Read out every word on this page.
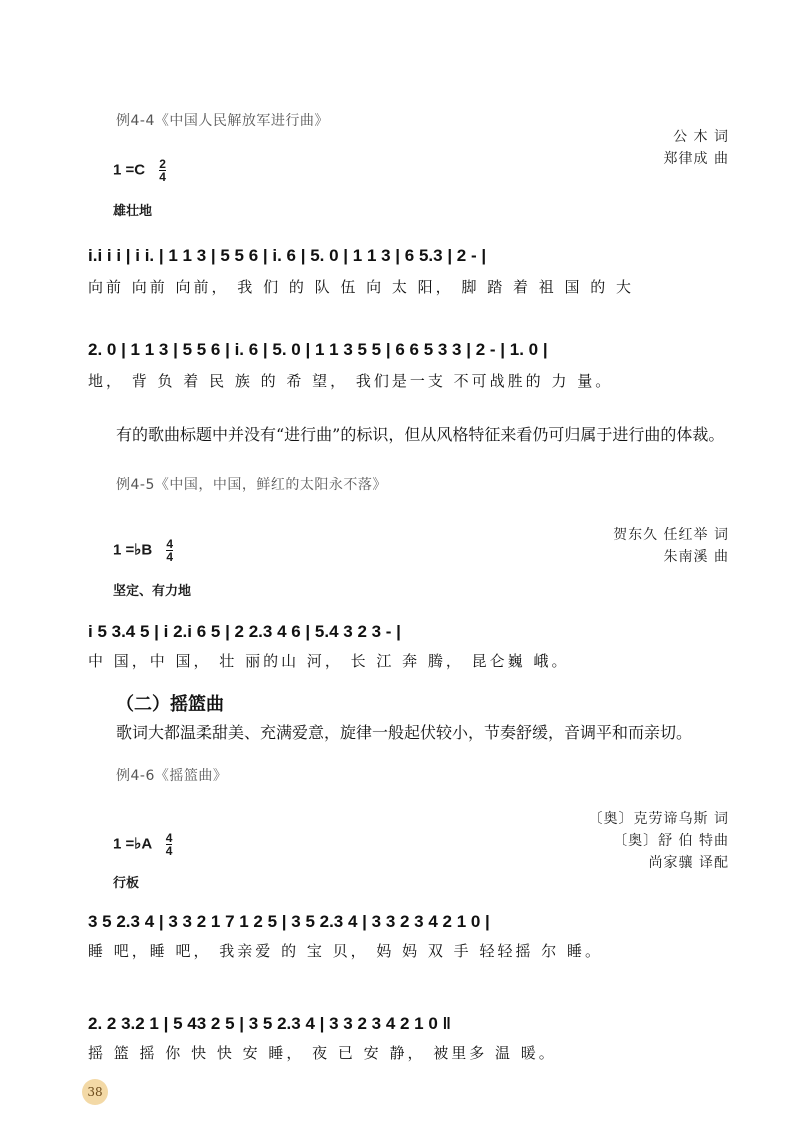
例4-4《中国人民解放军进行曲》
公 木 词
郑律成 曲
$1 =C \frac{2}{4}$
雄壮地
i.i i i | i i. | 1 1 3 | 5 5 6 | i. 6 | 5. 0 | 1 1 3 | 6 5.3 | 2 - |
向前 向前 向前， 我 们 的 队 伍 向 太 阳， 脚 踏 着 祖 国 的 大
2. 0 | 1 1 3 | 5 5 6 | i. 6 | 5. 0 | 1 1 3 5 5 | 6 6 5 3 3 | 2 - | 1. 0 |
地， 背 负 着 民 族 的 希 望， 我们是一支 不可战胜的 力 量。
有的歌曲标题中并没有“进行曲”的标识，但从风格特征来看仍可归属于进行曲的体裁。
例4-5《中国，中国，鲜红的太阳永不落》
贺东久 任红举 词
朱南溪 曲
1 =♭B $\frac{4}{4}$
坚定、有力地
i 5 3.4 5 | i 2.i 6 5 | 2 2.3 4 6 | 5.4 3 2 3 - |
中 国，中 国， 壮 丽的山 河， 长 江 奔 腾， 昆仑巍 峨。
（二）摇篮曲
歌词大都温柔甜美、充满爱意，旋律一般起伏较小，节奏舒缓，音调平和而亲切。
例4-6《摇篮曲》
〔奥〕克劳谛乌斯 词
〔奥〕舒 伯 特曲
尚家骧 译配
1 =♭A $\frac{4}{4}$
行板
3 5 2.3 4 | 3 3 2 1 7 1 2 5 | 3 5 2.3 4 | 3 3 2 3 4 2 1 0 |
睡 吧，睡 吧， 我亲爱 的 宝 贝， 妈 妈 双 手 轻轻摇 尔 睡。
2. 2 3.2 1 | 5 43 2 5 | 3 5 2.3 4 | 3 3 2 3 4 2 1 0 ‖
摇 篮 摇 你 快 快 安 睡， 夜 已 安 静， 被里多 温 暖。
38
